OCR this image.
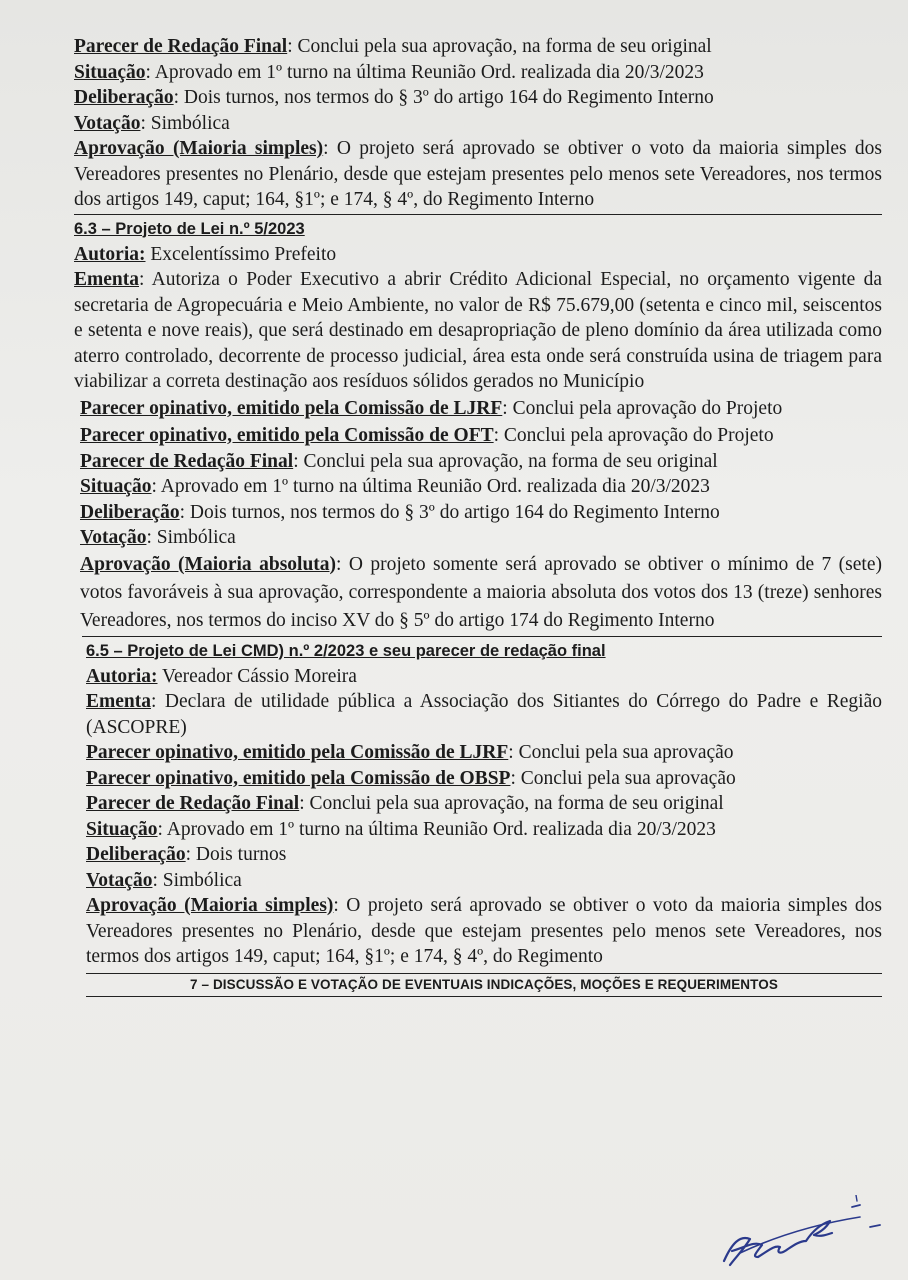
Parecer de Redação Final: Conclui pela sua aprovação, na forma de seu original
Situação: Aprovado em 1º turno na última Reunião Ord. realizada dia 20/3/2023
Deliberação: Dois turnos, nos termos do § 3º do artigo 164 do Regimento Interno
Votação: Simbólica
Aprovação (Maioria simples): O projeto será aprovado se obtiver o voto da maioria simples dos Vereadores presentes no Plenário, desde que estejam presentes pelo menos sete Vereadores, nos termos dos artigos 149, caput; 164, §1º; e 174, § 4º, do Regimento Interno
6.3 – Projeto de Lei n.º 5/2023
Autoria: Excelentíssimo Prefeito
Ementa: Autoriza o Poder Executivo a abrir Crédito Adicional Especial, no orçamento vigente da secretaria de Agropecuária e Meio Ambiente, no valor de R$ 75.679,00 (setenta e cinco mil, seiscentos e setenta e nove reais), que será destinado em desapropriação de pleno domínio da área utilizada como aterro controlado, decorrente de processo judicial, área esta onde será construída usina de triagem para viabilizar a correta destinação aos resíduos sólidos gerados no Município
Parecer opinativo, emitido pela Comissão de LJRF: Conclui pela aprovação do Projeto
Parecer opinativo, emitido pela Comissão de OFT: Conclui pela aprovação do Projeto
Parecer de Redação Final: Conclui pela sua aprovação, na forma de seu original
Situação: Aprovado em 1º turno na última Reunião Ord. realizada dia 20/3/2023
Deliberação: Dois turnos, nos termos do § 3º do artigo 164 do Regimento Interno
Votação: Simbólica
Aprovação (Maioria absoluta): O projeto somente será aprovado se obtiver o mínimo de 7 (sete) votos favoráveis à sua aprovação, correspondente a maioria absoluta dos votos dos 13 (treze) senhores Vereadores, nos termos do inciso XV do § 5º do artigo 174 do Regimento Interno
6.5 – Projeto de Lei CMD) n.º 2/2023 e seu parecer de redação final
Autoria: Vereador Cássio Moreira
Ementa: Declara de utilidade pública a Associação dos Sitiantes do Córrego do Padre e Região (ASCOPRE)
Parecer opinativo, emitido pela Comissão de LJRF: Conclui pela sua aprovação
Parecer opinativo, emitido pela Comissão de OBSP: Conclui pela sua aprovação
Parecer de Redação Final: Conclui pela sua aprovação, na forma de seu original
Situação: Aprovado em 1º turno na última Reunião Ord. realizada dia 20/3/2023
Deliberação: Dois turnos
Votação: Simbólica
Aprovação (Maioria simples): O projeto será aprovado se obtiver o voto da maioria simples dos Vereadores presentes no Plenário, desde que estejam presentes pelo menos sete Vereadores, nos termos dos artigos 149, caput; 164, §1º; e 174, § 4º, do Regimento
7 – DISCUSSÃO E VOTAÇÃO DE EVENTUAIS INDICAÇÕES, MOÇÕES E REQUERIMENTOS
